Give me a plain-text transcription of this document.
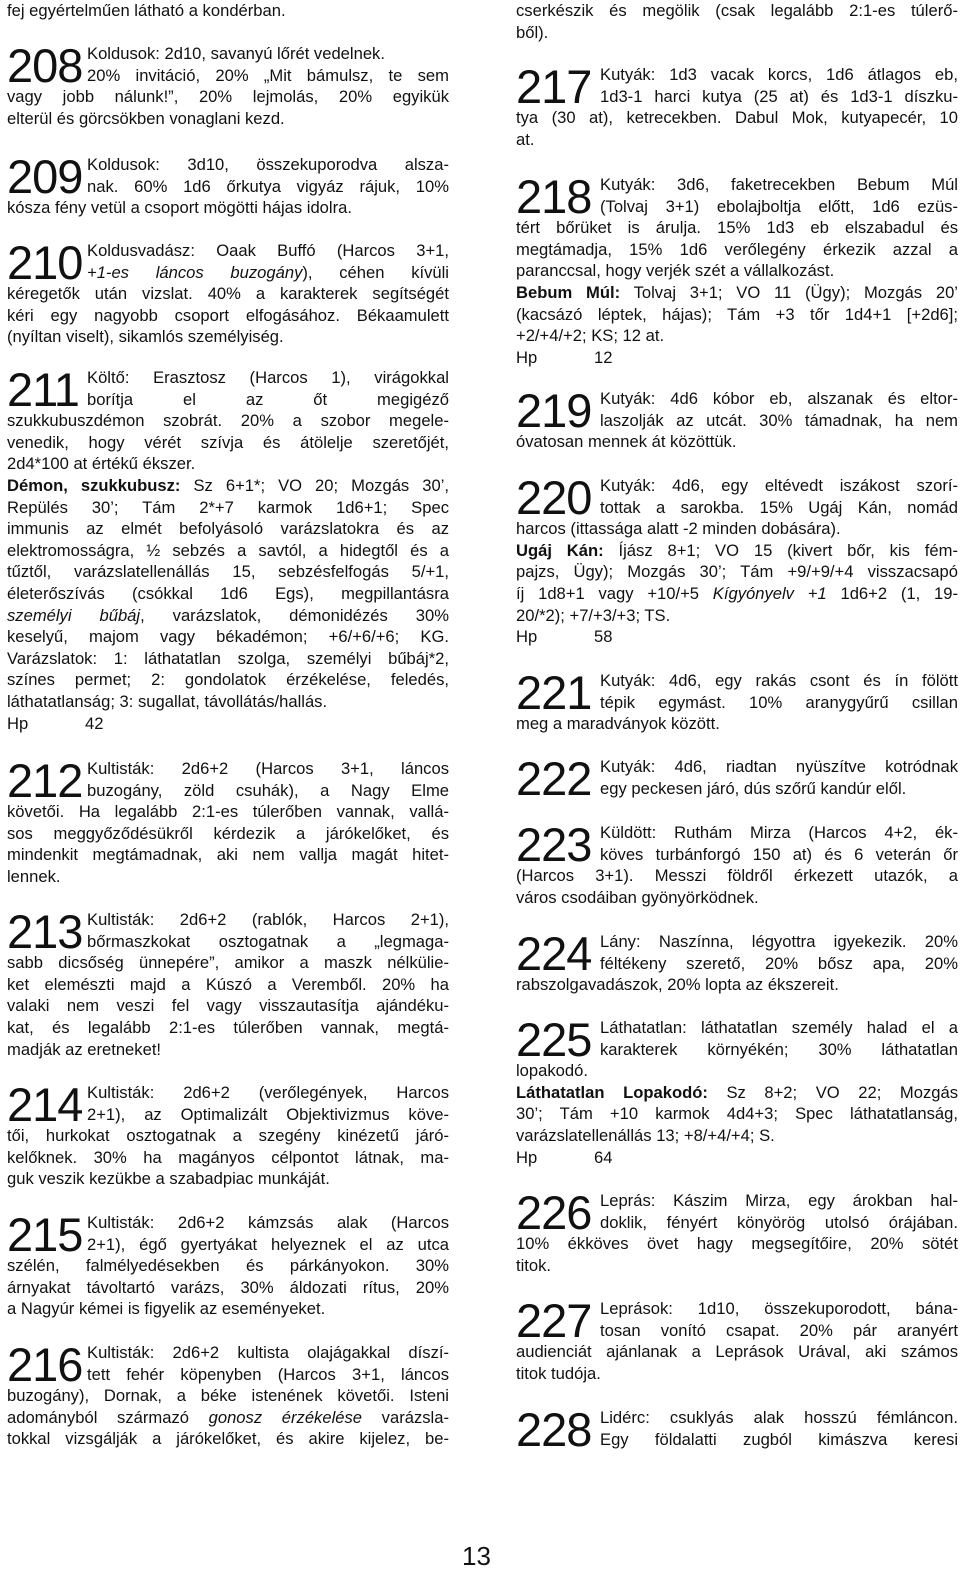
fej egyértelműen látható a kondérban.

208 Koldusok: 2d10, savanyú lőrét vedelnek.

20% invitáció, 20% „Mit bámulsz, te sem

vagy jobb nálunk!”, 20% lejmolás, 20% egyikük

elterül és görcsökben vonaglani kezd.

209 Koldusok: 3d10, összekuporodva alsza-

nak. 60% 1d6 őrkutya vigyáz rájuk, 10%

kósza fény vetül a csoport mögötti hájas idolra.

210 Koldusvadász: Oaak Buffó (Harcos 3+1,

+1-es láncos buzogány), céhen kívüli

kéregetők után vizslat. 40% a karakterek segítségét

kéri egy nagyobb csoport elfogásához. Békaamulett

(nyíltan viselt), sikamlós személyiség.

211 Költő: Erasztosz (Harcos 1), virágokkal

borítja el az őt megigéző

szukkubuszdémon szobrát. 20% a szobor megele-

venedik, hogy vérét szívja és átölelje szeretőjét,

2d4*100 at értékű ékszer.

Démon, szukkubusz: Sz 6+1*; VO 20; Mozgás 30’,

Repülés 30’; Tám 2*+7 karmok 1d6+1; Spec

immunis az elmét befolyásoló varázslatokra és az

elektromosságra, ½ sebzés a savtól, a hidegtől és a

tűztől, varázslatellenállás 15, sebzésfelfogás 5/+1,

életerőszívás (csókkal 1d6 Egs), megpillantásra

személyi bűbáj, varázslatok, démonidézés 30%

keselyű, majom vagy békadémon; +6/+6/+6; KG.

Varázslatok: 1: láthatatlan szolga, személyi bűbáj*2,

színes permet; 2: gondolatok érzékelése, feledés,

láthatatlanság; 3: sugallat, távollátás/hallás.

Hp	42

212 Kultisták: 2d6+2 (Harcos 3+1, láncos

buzogány, zöld csuhák), a Nagy Elme

követői. Ha legalább 2:1-es túlerőben vannak, vallá-

sos meggyőződésükről kérdezik a járókelőket, és

mindenkit megtámadnak, aki nem vallja magát hitet-

lennek.

213 Kultisták: 2d6+2 (rablók, Harcos 2+1),

bőrmaszkokat osztogatnak a „legmaga-

sabb dicsőség ünnepére”, amikor a maszk nélkülie-

ket elemészti majd a Kúszó a Veremből. 20% ha

valaki nem veszi fel vagy visszautasítja ajándéku-

kat, és legalább 2:1-es túlerőben vannak, megtá-

madják az eretneket!

214 Kultisták: 2d6+2 (verőlegények, Harcos

2+1), az Optimalizált Objektivizmus köve-

tői, hurkokat osztogatnak a szegény kinézetű járó-

kelőknek. 30% ha magányos célpontot látnak, ma-

guk veszik kezükbe a szabadpiac munkáját.

215 Kultisták: 2d6+2 kámzsás alak (Harcos

2+1), égő gyertyákat helyeznek el az utca

szélén, falmélyedésekben és párkányokon. 30%

árnyakat távoltartó varázs, 30% áldozati rítus, 20%

a Nagyúr kémei is figyelik az eseményeket.

216 Kultisták: 2d6+2 kultista olajágakkal díszí-

tett fehér köpenyben (Harcos 3+1, láncos

buzogány), Dornak, a béke istenének követői. Isteni

adományból származó gonosz érzékelése varázsla-

tokkal vizsgálják a járókelőket, és akire kijelez, be-

cserkészik és megölik (csak legalább 2:1-es túlerő-

ből).

217 Kutyák: 1d3 vacak korcs, 1d6 átlagos eb,

1d3-1 harci kutya (25 at) és 1d3-1 díszku-

tya (30 at), ketrecekben. Dabul Mok, kutyapecér, 10

at.

218 Kutyák: 3d6, faketrecekben Bebum Múl

(Tolvaj 3+1) ebolajboltja előtt, 1d6 ezüs-

tért bőrüket is árulja. 15% 1d3 eb elszabadul és

megtámadja, 15% 1d6 verőlegény érkezik azzal a

paranccsal, hogy verjék szét a vállalkozást.

Bebum Múl: Tolvaj 3+1; VO 11 (Ügy); Mozgás 20’

(kacsázó léptek, hájas); Tám +3 tőr 1d4+1 [+2d6];

+2/+4/+2; KS; 12 at.

Hp	12

219 Kutyák: 4d6 kóbor eb, alszanak és eltor-

laszolják az utcát. 30% támadnak, ha nem

óvatosan mennek át közöttük.

220 Kutyák: 4d6, egy eltévedt iszákost szorí-

tottak a sarokba. 15% Ugáj Kán, nomád

harcos (ittassága alatt -2 minden dobására).

Ugáj Kán: Íjász 8+1; VO 15 (kivert bőr, kis fém-

pajzs, Ügy); Mozgás 30’; Tám +9/+9/+4 visszacsapó

íj 1d8+1 vagy +10/+5 Kígyónyelv +1 1d6+2 (1, 19-

20/*2); +7/+3/+3; TS.

Hp	58

221 Kutyák: 4d6, egy rakás csont és ín fölött

tépik egymást. 10% aranygyűrű csillan

meg a maradványok között.

222 Kutyák: 4d6, riadtan nyüszítve kotródnak

egy peckesen járó, dús szőrű kandúr elől.

223 Küldött: Ruthám Mirza (Harcos 4+2, ék-

köves turbánforgó 150 at) és 6 veterán őr

(Harcos 3+1). Messzi földről érkezett utazók, a

város csodáiban gyönyörködnek.

224 Lány: Naszínna, légyottra igyekezik. 20%

féltékeny szerető, 20% bősz apa, 20%

rabszolgavadászok, 20% lopta az ékszereit.

225 Láthatatlan: láthatatlan személy halad el a

karakterek környékén; 30% láthatatlan

lopakodó.

Láthatatlan Lopakodó: Sz 8+2; VO 22; Mozgás

30’; Tám +10 karmok 4d4+3; Spec láthatatlanság,

varázslatellenállás 13; +8/+4/+4; S.

Hp	64

226 Leprás: Kászim Mirza, egy árokban hal-

doklik, fényért könyörög utolsó órájában.

10% ékköves övet hagy megsegítőire, 20% sötét

titok.

227 Leprások: 1d10, összekuporodott, bána-

tosan vonító csapat. 20% pár aranyért

audienciát ajánlanak a Leprások Urával, aki számos

titok tudója.

228 Lidérc: csuklyás alak hosszú fémláncon.

Egy földalatti zugból kimászva keresi

13
